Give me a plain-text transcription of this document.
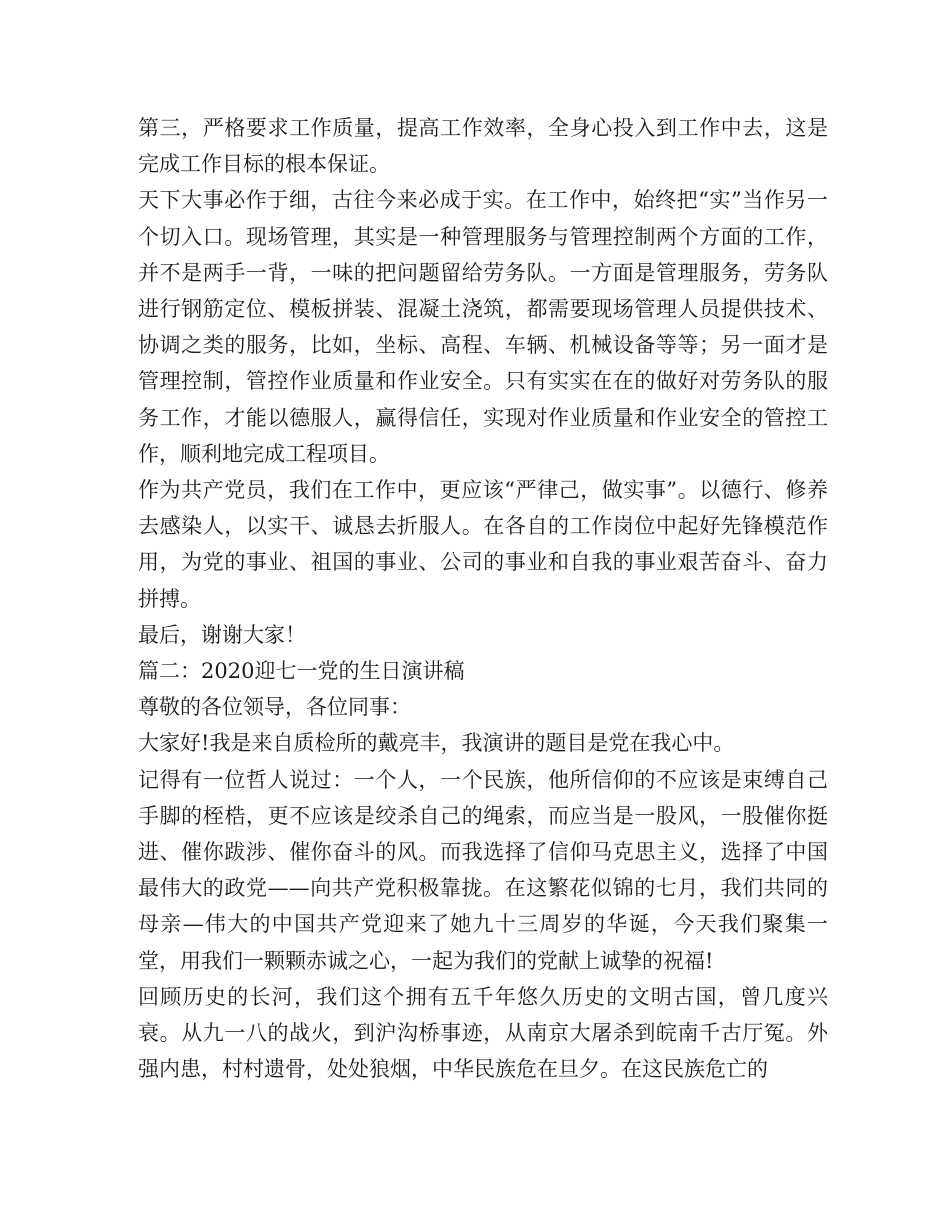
第三，严格要求工作质量，提高工作效率，全身心投入到工作中去，这是完成工作目标的根本保证。

天下大事必作于细，古往今来必成于实。在工作中，始终把“实”当作另一个切入口。现场管理，其实是一种管理服务与管理控制两个方面的工作，并不是两手一背，一味的把问题留给劳务队。一方面是管理服务，劳务队进行钢筋定位、模板拼装、混凝土浇筑，都需要现场管理人员提供技术、协调之类的服务，比如，坐标、高程、车辆、机械设备等等；另一面才是管理控制，管控作业质量和作业安全。只有实实在在的做好对劳务队的服务工作，才能以德服人，赢得信任，实现对作业质量和作业安全的管控工作，顺利地完成工程项目。

作为共产党员，我们在工作中，更应该“严律己，做实事”。以德行、修养去感染人，以实干、诚恳去折服人。在各自的工作岗位中起好先锋模范作用，为党的事业、祖国的事业、公司的事业和自我的事业艰苦奋斗、奋力拼搏。

最后，谢谢大家！

篇二：2020迎七一党的生日演讲稿

尊敬的各位领导，各位同事：

大家好!我是来自质检所的戴亮丰，我演讲的题目是党在我心中。

记得有一位哲人说过：一个人，一个民族，他所信仰的不应该是束缚自己手脚的桎梏，更不应该是绞杀自己的绳索，而应当是一股风，一股催你挺进、催你跋涉、催你奋斗的风。而我选择了信仰马克思主义，选择了中国最伟大的政党——向共产党积极靠拢。在这繁花似锦的七月，我们共同的母亲—伟大的中国共产党迎来了她九十三周岁的华诞，今天我们聚集一堂，用我们一颗颗赤诚之心，一起为我们的党献上诚挚的祝福!

回顾历史的长河，我们这个拥有五千年悠久历史的文明古国，曾几度兴衰。从九一八的战火，到沪沟桥事迹，从南京大屠杀到皖南千古厅冤。外强内患，村村遗骨，处处狼烟，中华民族危在旦夕。在这民族危亡的
